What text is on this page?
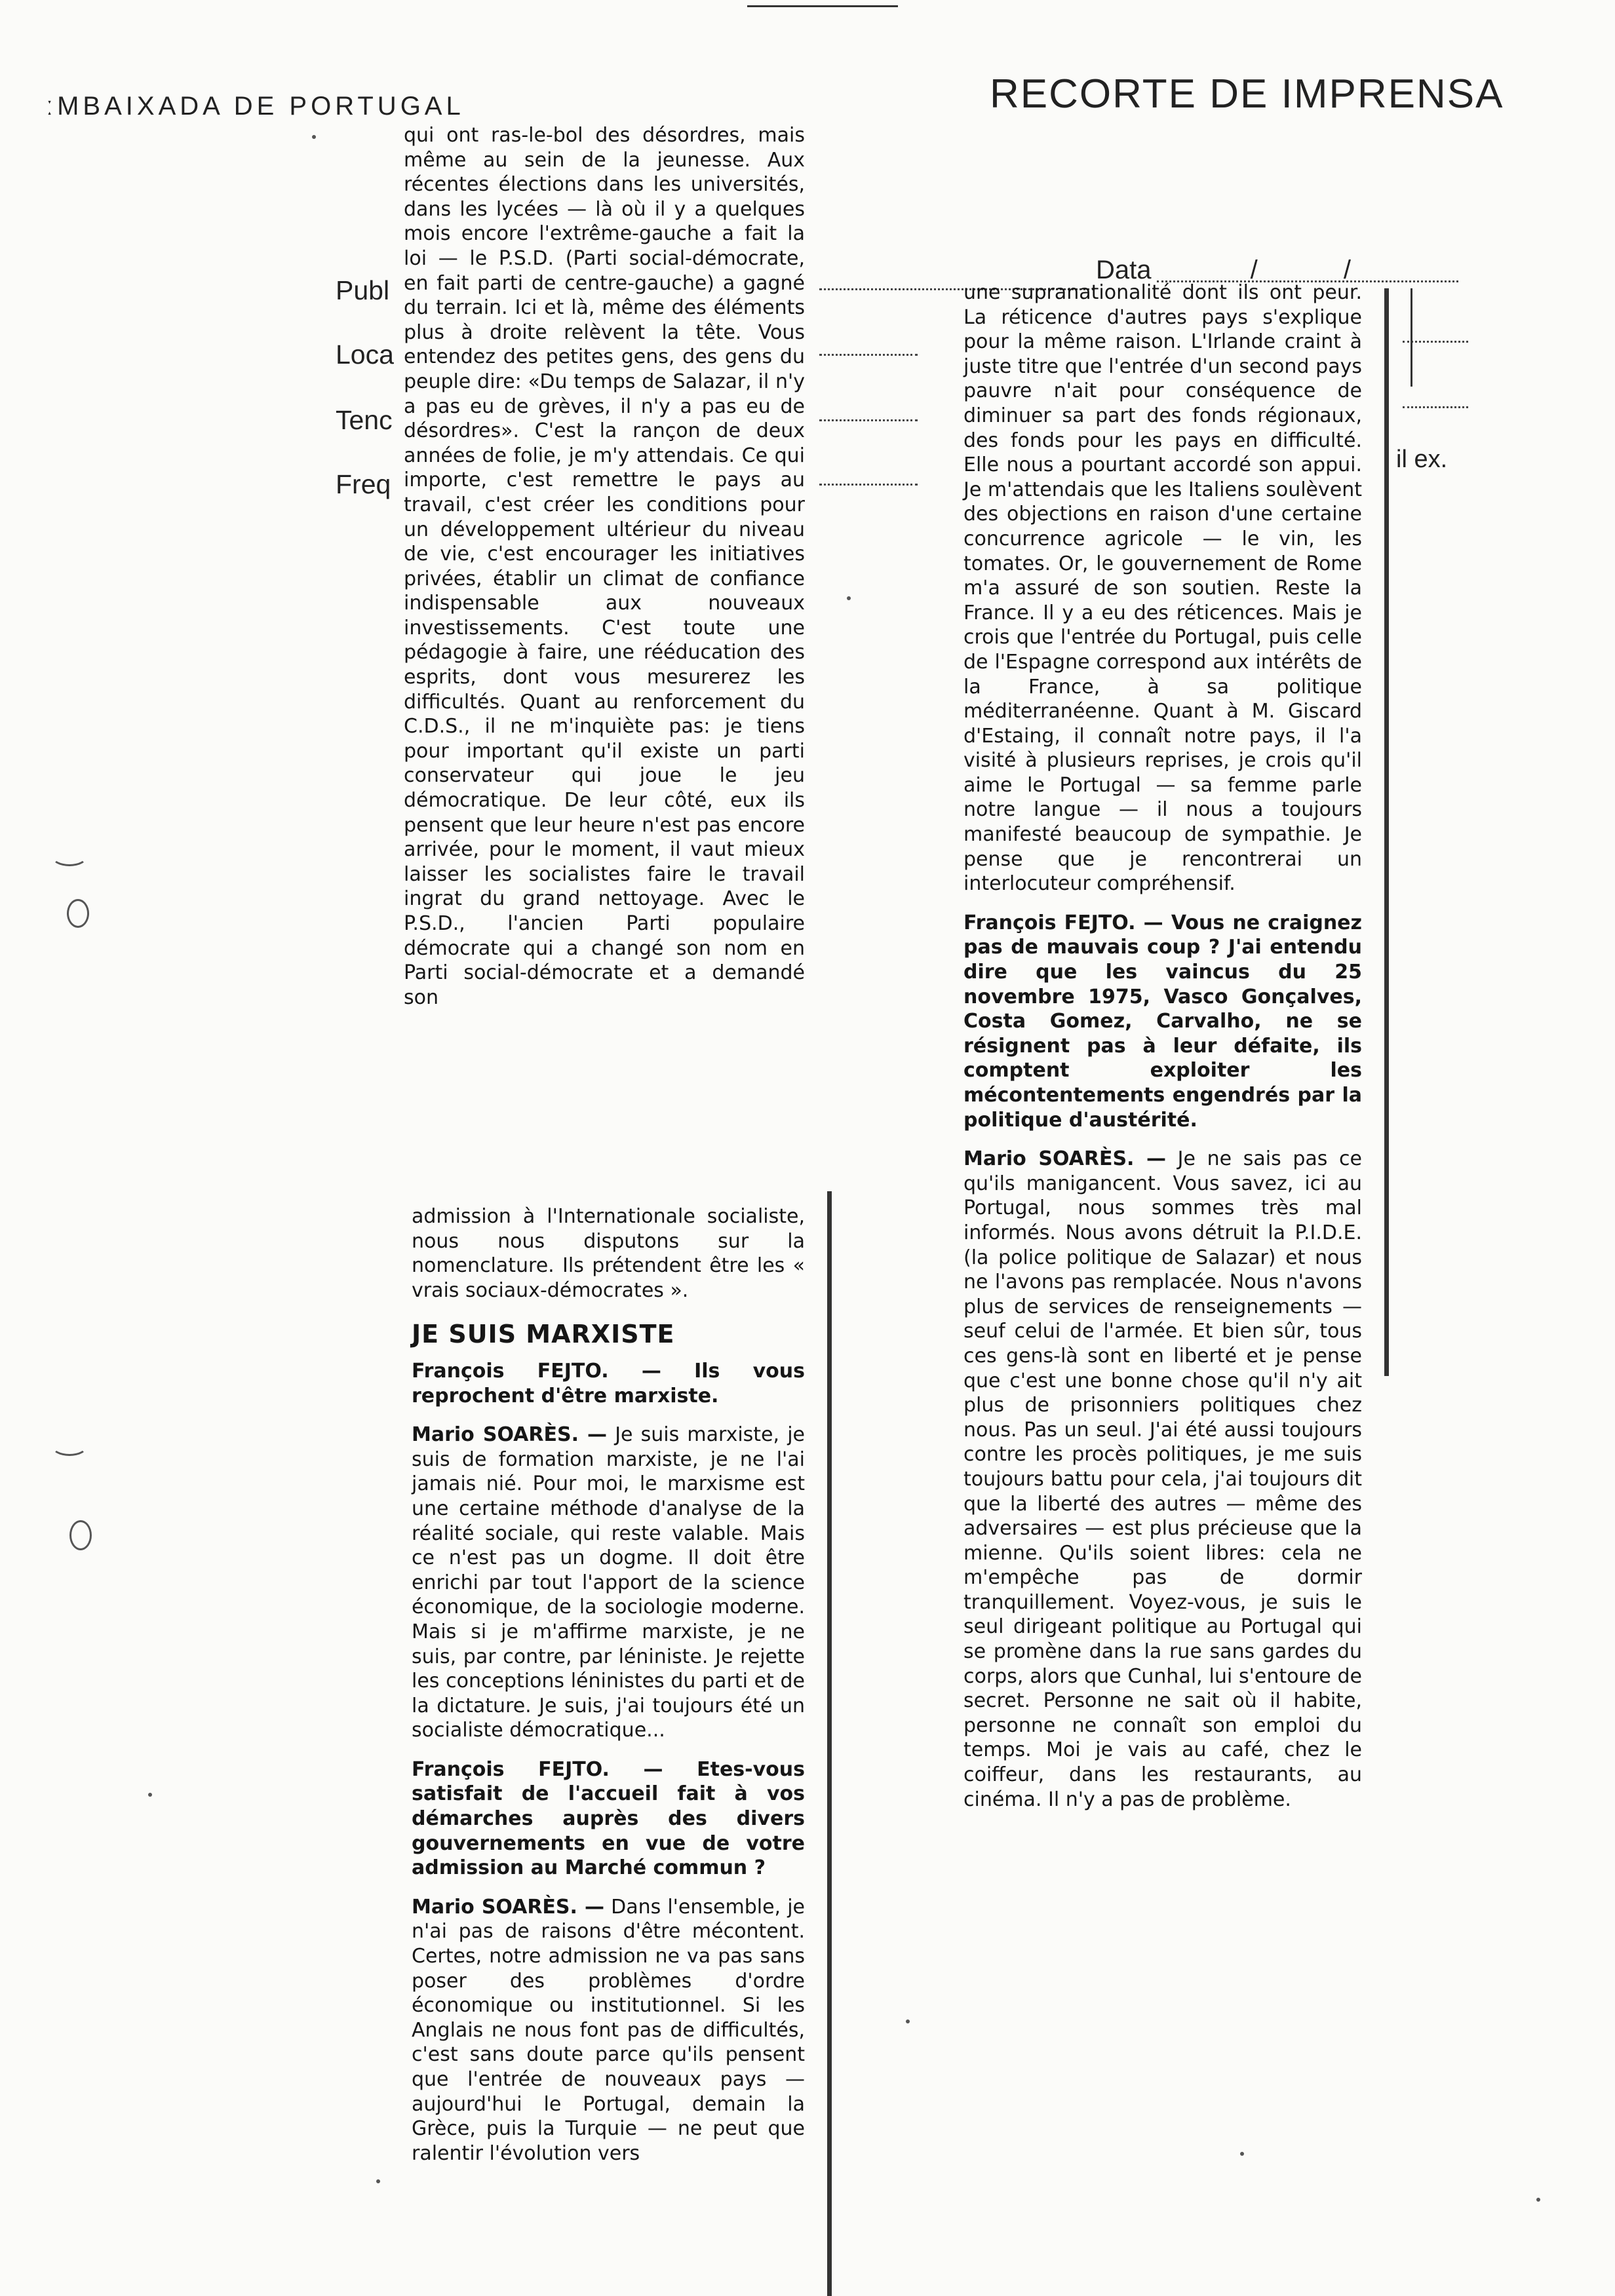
ːMBAIXADA DE PORTUGAL	RECORTE DE IMPRENSA
Publ
Loca
Tenc
Freq
Data	/	/
il ex.

qui ont ras-le-bol des désordres, mais même au sein de la jeunesse. Aux récentes élections dans les universités, dans les lycées — là où il y a quelques mois encore l'extrême-gauche a fait la loi — le P.S.D. (Parti social-démocrate, en fait parti de centre-gauche) a gagné du terrain. Ici et là, même des éléments plus à droite relèvent la tête. Vous entendez des petites gens, des gens du peuple dire: «Du temps de Salazar, il n'y a pas eu de grèves, il n'y a pas eu de désordres». C'est la rançon de deux années de folie, je m'y attendais. Ce qui importe, c'est remettre le pays au travail, c'est créer les conditions pour un développement ultérieur du niveau de vie, c'est encourager les initiatives privées, établir un climat de confiance indispensable aux nouveaux investissements. C'est toute une pédagogie à faire, une rééducation des esprits, dont vous mesurerez les difficultés. Quant au renforcement du C.D.S., il ne m'inquiète pas: je tiens pour important qu'il existe un parti conservateur qui joue le jeu démocratique. De leur côté, eux ils pensent que leur heure n'est pas encore arrivée, pour le moment, il vaut mieux laisser les socialistes faire le travail ingrat du grand nettoyage. Avec le P.S.D., l'ancien Parti populaire démocrate qui a changé son nom en Parti social-démocrate et a demandé son

admission à l'Internationale socialiste, nous nous disputons sur la nomenclature. Ils prétendent être les « vrais sociaux-démocrates ».

JE SUIS MARXISTE

François FEJTO. — Ils vous reprochent d'être marxiste.

Mario SOARÈS. — Je suis marxiste, je suis de formation marxiste, je ne l'ai jamais nié. Pour moi, le marxisme est une certaine méthode d'analyse de la réalité sociale, qui reste valable. Mais ce n'est pas un dogme. Il doit être enrichi par tout l'apport de la science économique, de la sociologie moderne. Mais si je m'affirme marxiste, je ne suis, par contre, par léniniste. Je rejette les conceptions léninistes du parti et de la dictature. Je suis, j'ai toujours été un socialiste démocratique...

François FEJTO. — Etes-vous satisfait de l'accueil fait à vos démarches auprès des divers gouvernements en vue de votre admission au Marché commun ?

Mario SOARÈS. — Dans l'ensemble, je n'ai pas de raisons d'être mécontent. Certes, notre admission ne va pas sans poser des problèmes d'ordre économique ou institutionnel. Si les Anglais ne nous font pas de difficultés, c'est sans doute parce qu'ils pensent que l'entrée de nouveaux pays — aujourd'hui le Portugal, demain la Grèce, puis la Turquie — ne peut que ralentir l'évolution vers

une supranationalité dont ils ont peur. La réticence d'autres pays s'explique pour la même raison. L'Irlande craint à juste titre que l'entrée d'un second pays pauvre n'ait pour conséquence de diminuer sa part des fonds régionaux, des fonds pour les pays en difficulté. Elle nous a pourtant accordé son appui. Je m'attendais que les Italiens soulèvent des objections en raison d'une certaine concurrence agricole — le vin, les tomates. Or, le gouvernement de Rome m'a assuré de son soutien. Reste la France. Il y a eu des réticences. Mais je crois que l'entrée du Portugal, puis celle de l'Espagne correspond aux intérêts de la France, à sa politique méditerranéenne. Quant à M. Giscard d'Estaing, il connaît notre pays, il l'a visité à plusieurs reprises, je crois qu'il aime le Portugal — sa femme parle notre langue — il nous a toujours manifesté beaucoup de sympathie. Je pense que je rencontrerai un interlocuteur compréhensif.

François FEJTO. — Vous ne craignez pas de mauvais coup ? J'ai entendu dire que les vaincus du 25 novembre 1975, Vasco Gonçalves, Costa Gomez, Carvalho, ne se résignent pas à leur défaite, ils comptent exploiter les mécontentements engendrés par la politique d'austérité.

Mario SOARÈS. — Je ne sais pas ce qu'ils manigancent. Vous savez, ici au Portugal, nous sommes très mal informés. Nous avons détruit la P.I.D.E. (la police politique de Salazar) et nous ne l'avons pas remplacée. Nous n'avons plus de services de renseignements — seuf celui de l'armée. Et bien sûr, tous ces gens-là sont en liberté et je pense que c'est une bonne chose qu'il n'y ait plus de prisonniers politiques chez nous. Pas un seul. J'ai été aussi toujours contre les procès politiques, je me suis toujours battu pour cela, j'ai toujours dit que la liberté des autres — même des adversaires — est plus précieuse que la mienne. Qu'ils soient libres: cela ne m'empêche pas de dormir tranquillement. Voyez-vous, je suis le seul dirigeant politique au Portugal qui se promène dans la rue sans gardes du corps, alors que Cunhal, lui s'entoure de secret. Personne ne sait où il habite, personne ne connaît son emploi du temps. Moi je vais au café, chez le coiffeur, dans les restaurants, au cinéma. Il n'y a pas de problème.
